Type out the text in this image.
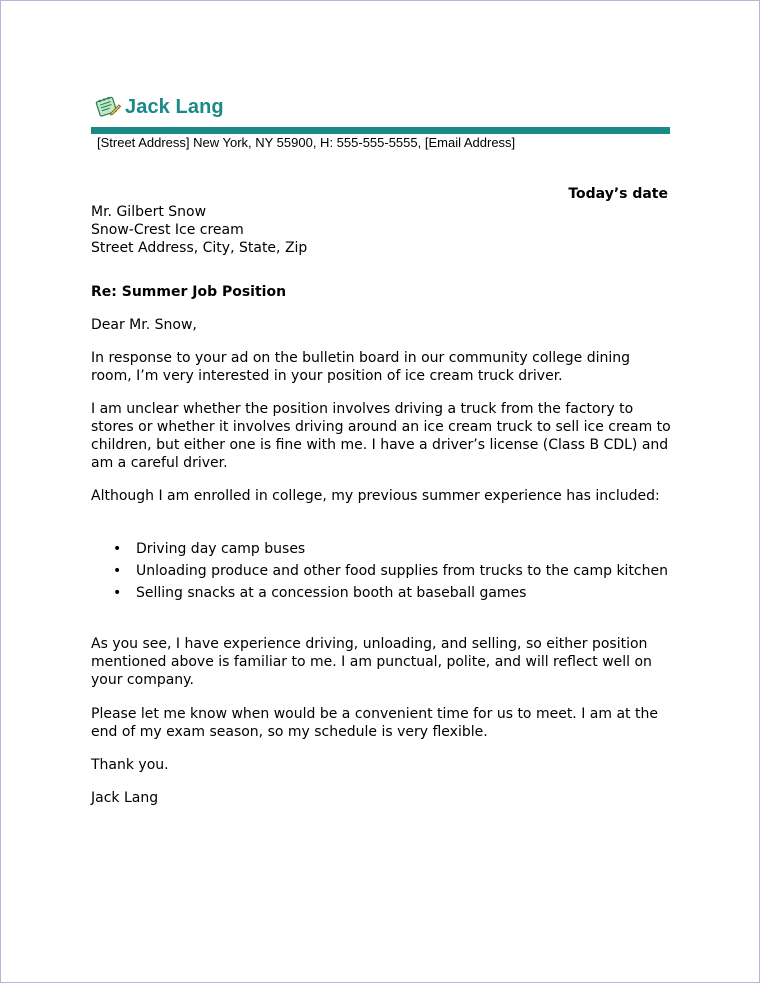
Jack Lang
[Street Address] New York, NY 55900, H: 555-555-5555, [Email Address]
Today’s date
Mr. Gilbert Snow
Snow-Crest Ice cream
Street Address, City, State, Zip
Re: Summer Job Position
Dear Mr. Snow,

In response to your ad on the bulletin board in our community college dining room, I’m very interested in your position of ice cream truck driver.

I am unclear whether the position involves driving a truck from the factory to stores or whether it involves driving around an ice cream truck to sell ice cream to children, but either one is fine with me. I have a driver’s license (Class B CDL) and am a careful driver.

Although I am enrolled in college, my previous summer experience has included:

• Driving day camp buses
• Unloading produce and other food supplies from trucks to the camp kitchen
• Selling snacks at a concession booth at baseball games

As you see, I have experience driving, unloading, and selling, so either position mentioned above is familiar to me. I am punctual, polite, and will reflect well on your company.

Please let me know when would be a convenient time for us to meet. I am at the end of my exam season, so my schedule is very flexible.

Thank you.
Jack Lang
